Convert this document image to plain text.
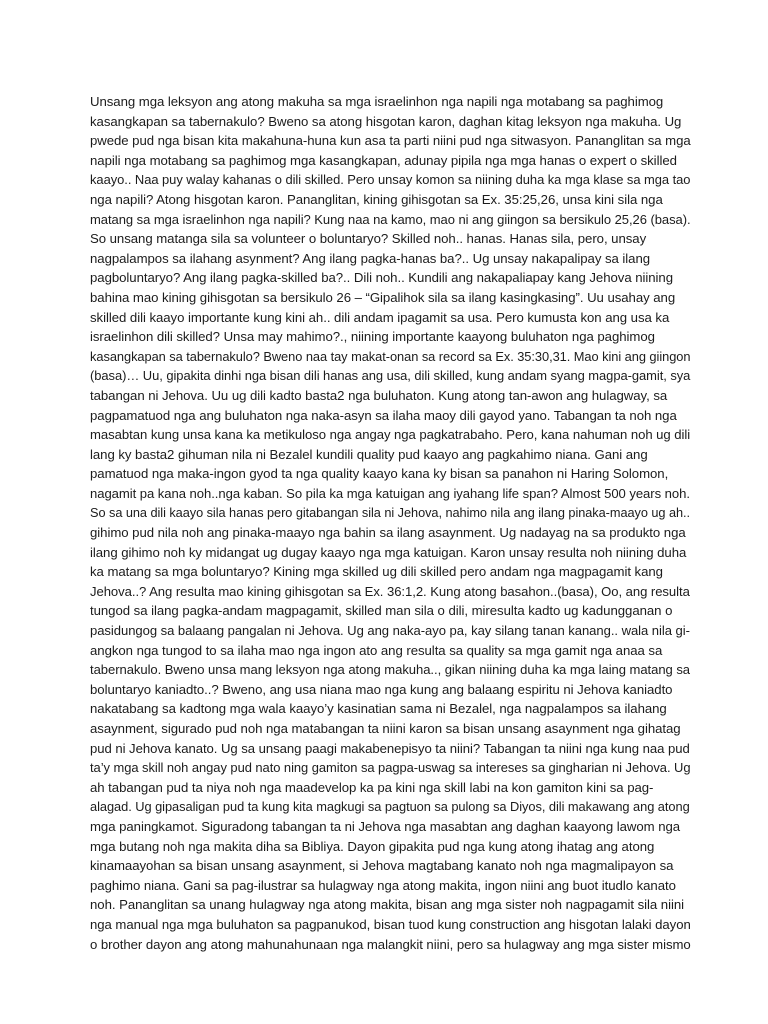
Unsang mga leksyon ang atong makuha sa mga israelinhon nga napili nga motabang sa paghimog
kasangkapan sa tabernakulo? Bweno sa atong hisgotan karon, daghan kitag leksyon nga makuha. Ug
pwede pud nga bisan kita makahuna-huna kun asa ta parti niini pud nga sitwasyon. Pananglitan sa mga
napili nga motabang sa paghimog mga kasangkapan, adunay pipila nga mga hanas o expert o skilled
kaayo.. Naa puy walay kahanas o dili skilled. Pero unsay komon sa niining duha ka mga klase sa mga tao
nga napili? Atong hisgotan karon. Pananglitan, kining gihisgotan sa Ex. 35:25,26, unsa kini sila nga
matang sa mga israelinhon nga napili? Kung naa na kamo, mao ni ang giingon sa bersikulo 25,26 (basa).
So unsang matanga sila sa volunteer o boluntaryo? Skilled noh.. hanas. Hanas sila, pero, unsay
nagpalampos sa ilahang asynment? Ang ilang pagka-hanas ba?.. Ug unsay nakapalipay sa ilang
pagboluntaryo? Ang ilang pagka-skilled ba?.. Dili noh.. Kundili ang nakapaliapay kang Jehova niining
bahina mao kining gihisgotan sa bersikulo 26 – “Gipalihok sila sa ilang kasingkasing”. Uu usahay ang
skilled dili kaayo importante kung kini ah.. dili andam ipagamit sa usa. Pero kumusta kon ang usa ka
israelinhon dili skilled? Unsa may mahimo?., niining importante kaayong buluhaton nga paghimog
kasangkapan sa tabernakulo? Bweno naa tay makat-onan sa record sa Ex. 35:30,31. Mao kini ang giingon
(basa)… Uu, gipakita dinhi nga bisan dili hanas ang usa, dili skilled, kung andam syang magpa-gamit, sya
tabangan ni Jehova. Uu ug dili kadto basta2 nga buluhaton. Kung atong tan-awon ang hulagway, sa
pagpamatuod nga ang buluhaton nga naka-asyn sa ilaha maoy dili gayod yano. Tabangan ta noh nga
masabtan kung unsa kana ka metikuloso nga angay nga pagkatrabaho. Pero, kana nahuman noh ug dili
lang ky basta2 gihuman nila ni Bezalel kundili quality pud kaayo ang pagkahimo niana. Gani ang
pamatuod nga maka-ingon gyod ta nga quality kaayo kana ky bisan sa panahon ni Haring Solomon,
nagamit pa kana noh..nga kaban. So pila ka mga katuigan ang iyahang life span? Almost 500 years noh.
So sa una dili kaayo sila hanas pero gitabangan sila ni Jehova, nahimo nila ang ilang pinaka-maayo ug ah..
gihimo pud nila noh ang pinaka-maayo nga bahin sa ilang asaynment. Ug nadayag na sa produkto nga
ilang gihimo noh ky midangat ug dugay kaayo nga mga katuigan. Karon unsay resulta noh niining duha
ka matang sa mga boluntaryo? Kining mga skilled ug dili skilled pero andam nga magpagamit kang
Jehova..? Ang resulta mao kining gihisgotan sa Ex. 36:1,2. Kung atong basahon..(basa), Oo, ang resulta
tungod sa ilang pagka-andam magpagamit, skilled man sila o dili, miresulta kadto ug kadungganan o
pasidungog sa balaang pangalan ni Jehova. Ug ang naka-ayo pa, kay silang tanan kanang.. wala nila gi-
angkon nga tungod to sa ilaha mao nga ingon ato ang resulta sa quality sa mga gamit nga anaa sa
tabernakulo. Bweno unsa mang leksyon nga atong makuha.., gikan niining duha ka mga laing matang sa
boluntaryo kaniadto..? Bweno, ang usa niana mao nga kung ang balaang espiritu ni Jehova kaniadto
nakatabang sa kadtong mga wala kaayo’y kasinatian sama ni Bezalel, nga nagpalampos sa ilahang
asaynment, sigurado pud noh nga matabangan ta niini karon sa bisan unsang asaynment nga gihatag
pud ni Jehova kanato. Ug sa unsang paagi makabenepisyo ta niini? Tabangan ta niini nga kung naa pud
ta’y mga skill noh angay pud nato ning gamiton sa pagpa-uswag sa intereses sa gingharian ni Jehova. Ug
ah tabangan pud ta niya noh nga maadevelop ka pa kini nga skill labi na kon gamiton kini sa pag-
alagad. Ug gipasaligan pud ta kung kita magkugi sa pagtuon sa pulong sa Diyos, dili makawang ang atong
mga paningkamot. Siguradong tabangan ta ni Jehova nga masabtan ang daghan kaayong lawom nga
mga butang noh nga makita diha sa Bibliya. Dayon gipakita pud nga kung atong ihatag ang atong
kinamaayohan sa bisan unsang asaynment, si Jehova magtabang kanato noh nga magmalipayon sa
paghimo niana. Gani sa pag-ilustrar sa hulagway nga atong makita, ingon niini ang buot itudlo kanato
noh. Pananglitan sa unang hulagway nga atong makita, bisan ang mga sister noh nagpagamit sila niini
nga manual nga mga buluhaton sa pagpanukod, bisan tuod kung construction ang hisgotan lalaki dayon
o brother dayon ang atong mahunahunaan nga malangkit niini, pero sa hulagway ang mga sister mismo
